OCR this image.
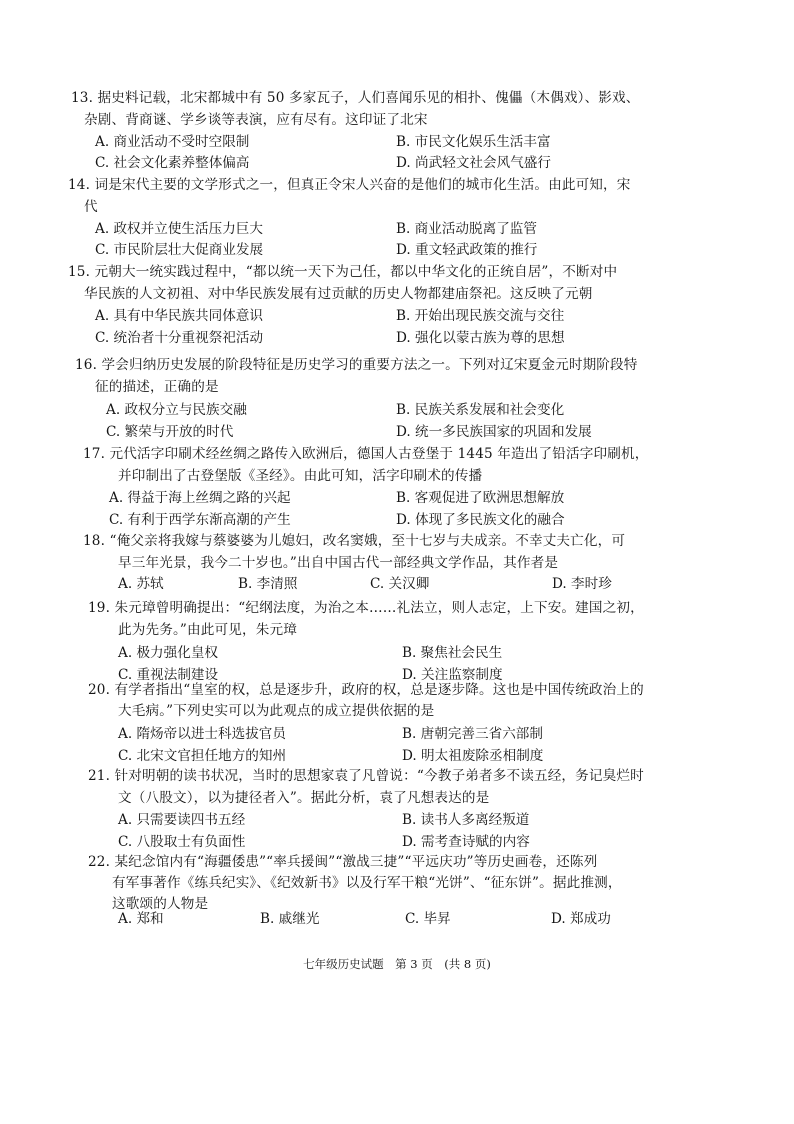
13. 据史料记载，北宋都城中有 50 多家瓦子，人们喜闻乐见的相扑、傀儡（木偶戏）、影戏、
杂剧、背商谜、学乡谈等表演，应有尽有。这印证了北宋
A. 商业活动不受时空限制	B. 市民文化娱乐生活丰富
C. 社会文化素养整体偏高	D. 尚武轻文社会风气盛行
14. 词是宋代主要的文学形式之一，但真正令宋人兴奋的是他们的城市化生活。由此可知，宋
代
A. 政权并立使生活压力巨大	B. 商业活动脱离了监管
C. 市民阶层壮大促商业发展	D. 重文轻武政策的推行
15. 元朝大一统实践过程中，“都以统一天下为己任，都以中华文化的正统自居”，不断对中
华民族的人文初祖、对中华民族发展有过贡献的历史人物都建庙祭祀。这反映了元朝
A. 具有中华民族共同体意识	B. 开始出现民族交流与交往
C. 统治者十分重视祭祀活动	D. 强化以蒙古族为尊的思想
16. 学会归纳历史发展的阶段特征是历史学习的重要方法之一。下列对辽宋夏金元时期阶段特
征的描述，正确的是
A. 政权分立与民族交融	B. 民族关系发展和社会变化
C. 繁荣与开放的时代	D. 统一多民族国家的巩固和发展
17. 元代活字印刷术经丝绸之路传入欧洲后，德国人古登堡于 1445 年造出了铅活字印刷机，
并印制出了古登堡版《圣经》。由此可知，活字印刷术的传播
A. 得益于海上丝绸之路的兴起	B. 客观促进了欧洲思想解放
C. 有利于西学东渐高潮的产生	D. 体现了多民族文化的融合
18. “俺父亲将我嫁与蔡婆婆为儿媳妇，改名窦娥，至十七岁与夫成亲。不幸丈夫亡化，可
早三年光景，我今二十岁也。”出自中国古代一部经典文学作品，其作者是
A. 苏轼	B. 李清照	C. 关汉卿	D. 李时珍
19. 朱元璋曾明确提出：“纪纲法度，为治之本……礼法立，则人志定，上下安。建国之初，
此为先务。”由此可见，朱元璋
A. 极力强化皇权	B. 聚焦社会民生
C. 重视法制建设	D. 关注监察制度
20. 有学者指出“皇室的权，总是逐步升，政府的权，总是逐步降。这也是中国传统政治上的
大毛病。”下列史实可以为此观点的成立提供依据的是
A. 隋炀帝以进士科选拔官员	B. 唐朝完善三省六部制
C. 北宋文官担任地方的知州	D. 明太祖废除丞相制度
21. 针对明朝的读书状况，当时的思想家袁了凡曾说：“今教子弟者多不读五经，务记臭烂时
文（八股文），以为捷径者入”。据此分析，袁了凡想表达的是
A. 只需要读四书五经	B. 读书人多离经叛道
C. 八股取士有负面性	D. 需考查诗赋的内容
22. 某纪念馆内有“海疆倭患”“率兵援闽”“激战三捷”“平远庆功”等历史画卷，还陈列
有军事著作《练兵纪实》、《纪效新书》以及行军干粮“光饼”、“征东饼”。据此推测，
这歌颂的人物是
A. 郑和	B. 戚继光	C. 毕昇	D. 郑成功
七年级历史试题　第 3 页　(共 8 页)
